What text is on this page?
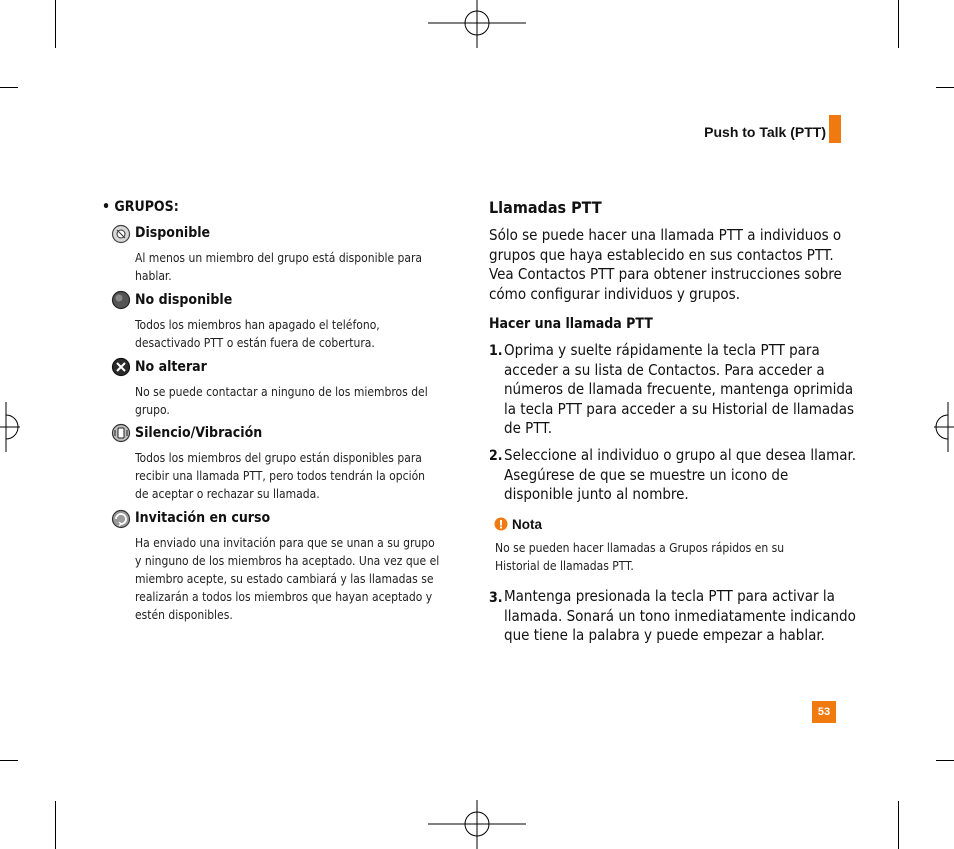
Push to Talk (PTT)
• GRUPOS:
Disponible
Al menos un miembro del grupo está disponible para
hablar.
No disponible
Todos los miembros han apagado el teléfono,
desactivado PTT o están fuera de cobertura.
No alterar
No se puede contactar a ninguno de los miembros del
grupo.
Silencio/Vibración
Todos los miembros del grupo están disponibles para
recibir una llamada PTT, pero todos tendrán la opción
de aceptar o rechazar su llamada.
Invitación en curso
Ha enviado una invitación para que se unan a su grupo
y ninguno de los miembros ha aceptado. Una vez que el
miembro acepte, su estado cambiará y las llamadas se
realizarán a todos los miembros que hayan aceptado y
estén disponibles.
Llamadas PTT
Sólo se puede hacer una llamada PTT a individuos o
grupos que haya establecido en sus contactos PTT.
Vea Contactos PTT para obtener instrucciones sobre
cómo configurar individuos y grupos.
Hacer una llamada PTT
1. Oprima y suelte rápidamente la tecla PTT para
acceder a su lista de Contactos. Para acceder a
números de llamada frecuente, mantenga oprimida
la tecla PTT para acceder a su Historial de llamadas
de PTT.
2. Seleccione al individuo o grupo al que desea llamar.
Asegúrese de que se muestre un icono de
disponible junto al nombre.
Nota
No se pueden hacer llamadas a Grupos rápidos en su
Historial de llamadas PTT.
3. Mantenga presionada la tecla PTT para activar la
llamada. Sonará un tono inmediatamente indicando
que tiene la palabra y puede empezar a hablar.
53
